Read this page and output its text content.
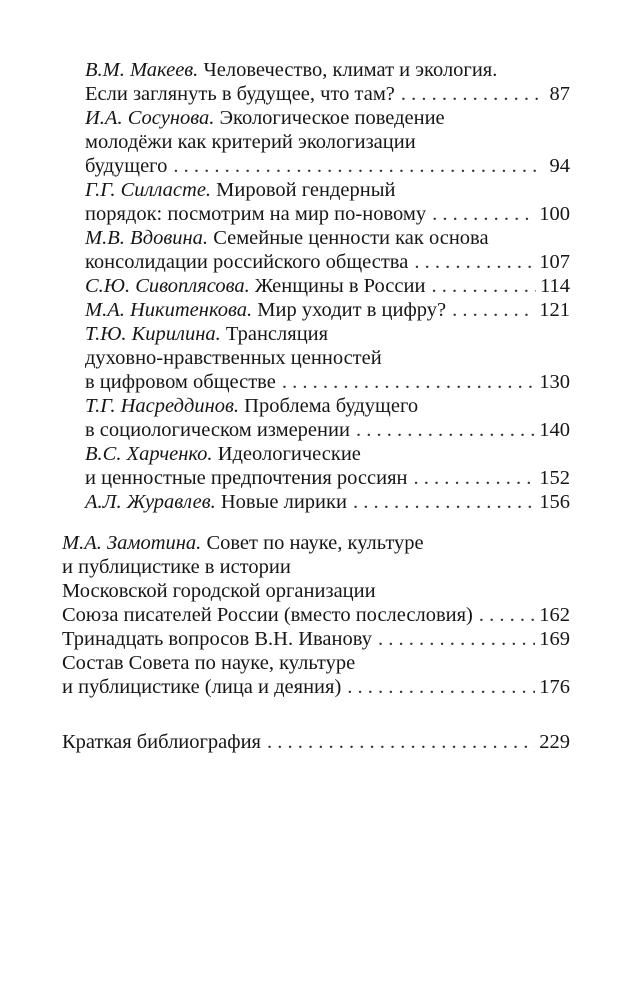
В.М. Макеев. Человечество, климат и экология.
Если заглянуть в будущее, что там? . . .	87
И.А. Сосунова. Экологическое поведение
молодёжи как критерий экологизации
будущего . . .	94
Г.Г. Силласте. Мировой гендерный
порядок: посмотрим на мир по-новому . . .	100
М.В. Вдовина. Семейные ценности как основа
консолидации российского общества . . .	107
С.Ю. Сивоплясова. Женщины в России . . .	114
М.А. Никитенкова. Мир уходит в цифру? . . .	121
Т.Ю. Кирилина. Трансляция
духовно-нравственных ценностей
в цифровом обществе . . .	130
Т.Г. Насреддинов. Проблема будущего
в социологическом измерении . . .	140
В.С. Харченко. Идеологические
и ценностные предпочтения россиян . . .	152
А.Л. Журавлев. Новые лирики . . .	156
М.А. Замотина. Совет по науке, культуре
и публицистике в истории
Московской городской организации
Союза писателей России (вместо послесловия) . . .	162
Тринадцать вопросов В.Н. Иванову . . .	169
Состав Совета по науке, культуре
и публицистике (лица и деяния) . . .	176
Краткая библиография . . .	229
